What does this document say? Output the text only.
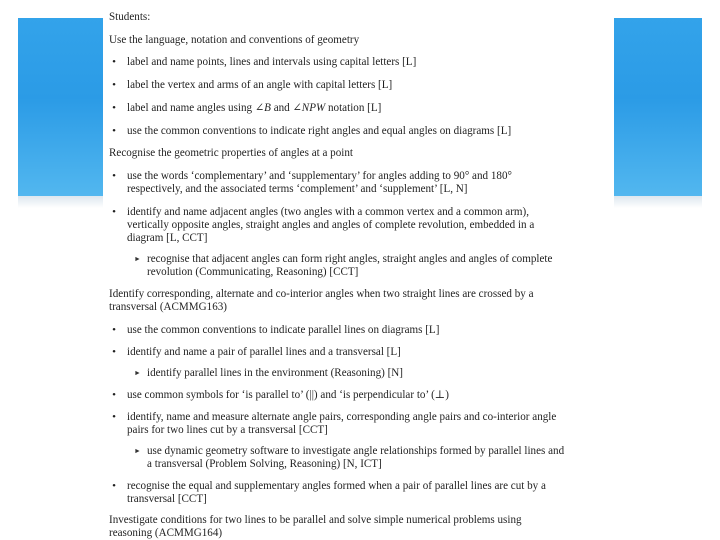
Students:

Use the language, notation and conventions of geometry

• label and name points, lines and intervals using capital letters [L]

• label the vertex and arms of an angle with capital letters [L]

• label and name angles using ∠B and ∠NPW notation [L]

• use the common conventions to indicate right angles and equal angles on diagrams [L]

Recognise the geometric properties of angles at a point

• use the words ‘complementary’ and ‘supplementary’ for angles adding to 90° and 180°

respectively, and the associated terms ‘complement’ and ‘supplement’ [L, N]

• identify and name adjacent angles (two angles with a common vertex and a common arm),

vertically opposite angles, straight angles and angles of complete revolution, embedded in a

diagram [L, CCT]

► recognise that adjacent angles can form right angles, straight angles and angles of complete

revolution (Communicating, Reasoning) [CCT]

Identify corresponding, alternate and co-interior angles when two straight lines are crossed by a

transversal (ACMMG163)

• use the common conventions to indicate parallel lines on diagrams [L]

• identify and name a pair of parallel lines and a transversal [L]

► identify parallel lines in the environment (Reasoning) [N]

• use common symbols for ‘is parallel to’ (||) and ‘is perpendicular to’ (⊥)

• identify, name and measure alternate angle pairs, corresponding angle pairs and co-interior angle

pairs for two lines cut by a transversal [CCT]

► use dynamic geometry software to investigate angle relationships formed by parallel lines and

a transversal (Problem Solving, Reasoning) [N, ICT]

• recognise the equal and supplementary angles formed when a pair of parallel lines are cut by a

transversal [CCT]

Investigate conditions for two lines to be parallel and solve simple numerical problems using

reasoning (ACMMG164)
